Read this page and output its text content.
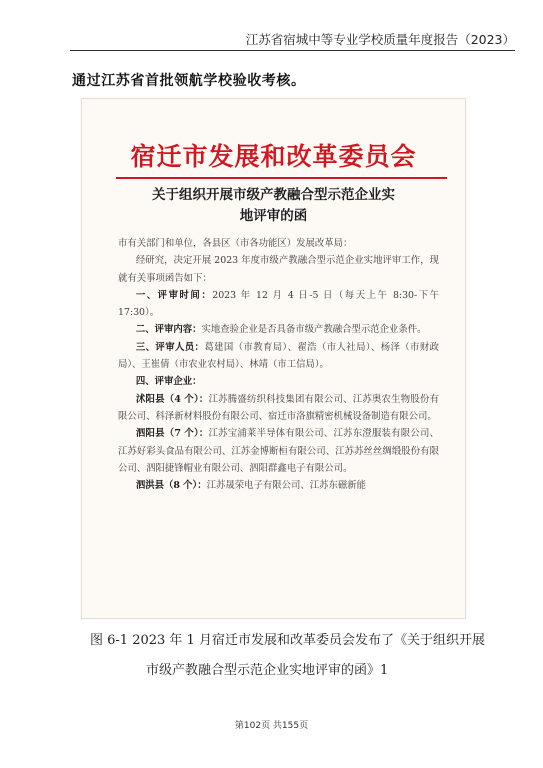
江苏省宿城中等专业学校质量年度报告（2023）
通过江苏省首批领航学校验收考核。
宿迁市发展和改革委员会
关于组织开展市级产教融合型示范企业实
地评审的函

市有关部门和单位，各县区（市各功能区）发展改革局：

经研究，决定开展 2023 年度市级产教融合型示范企业实地评审工作，现就有关事项函告如下：

一、评审时间：2023 年 12 月 4 日-5 日（每天上午 8:30-下午 17:30）。

二、评审内容：实地查验企业是否具备市级产教融合型示范企业条件。

三、评审人员：葛建国（市教育局）、翟浩（市人社局）、杨泽（市财政局）、王崔倩（市农业农村局）、林靖（市工信局）。

四、评审企业：

沭阳县（4 个）：江苏腾盛纺织科技集团有限公司、江苏奥农生物股份有限公司、科泽新材料股份有限公司、宿迁市洛旗精密机械设备制造有限公司。

泗阳县（7 个）：江苏宝浦莱半导体有限公司、江苏东澄服装有限公司、江苏好彩头食品有限公司、江苏金博断桓有限公司、江苏苏丝丝绸缎股份有限公司、泗阳捷锋帽业有限公司、泗阳群鑫电子有限公司。

泗洪县（8 个）：江苏晟荣电子有限公司、江苏东磁新能

图 6-1 2023 年 1 月宿迁市发展和改革委员会发布了《关于组织开展
市级产教融合型示范企业实地评审的函》1
第102页 共155页
